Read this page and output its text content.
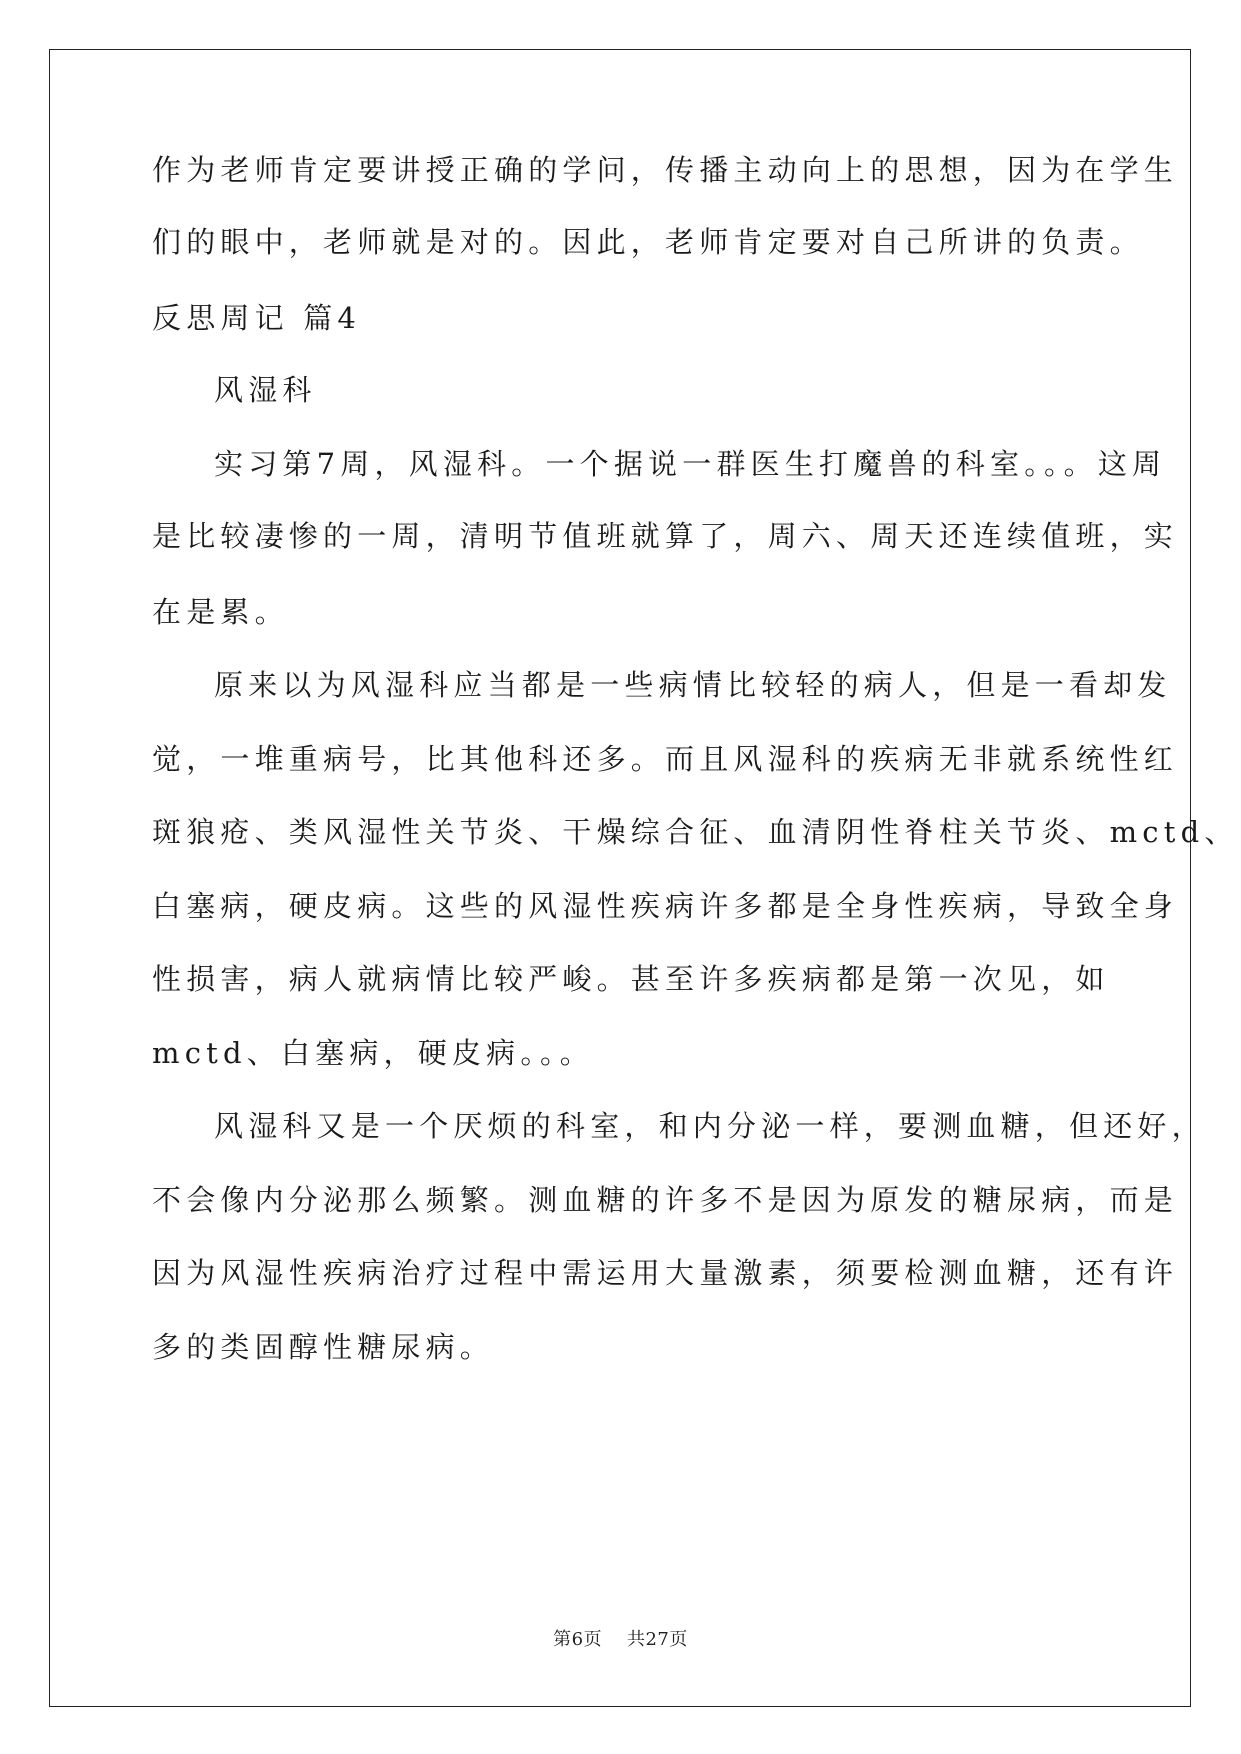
作为老师肯定要讲授正确的学问，传播主动向上的思想，因为在学生
们的眼中，老师就是对的。因此，老师肯定要对自己所讲的负责。
反思周记 篇4
风湿科
实习第7周，风湿科。一个据说一群医生打魔兽的科室。。。这周
是比较凄惨的一周，清明节值班就算了，周六、周天还连续值班，实
在是累。
原来以为风湿科应当都是一些病情比较轻的病人，但是一看却发
觉，一堆重病号，比其他科还多。而且风湿科的疾病无非就系统性红
斑狼疮、类风湿性关节炎、干燥综合征、血清阴性脊柱关节炎、mctd、
白塞病，硬皮病。这些的风湿性疾病许多都是全身性疾病，导致全身
性损害，病人就病情比较严峻。甚至许多疾病都是第一次见，如
mctd、白塞病，硬皮病。。。
风湿科又是一个厌烦的科室，和内分泌一样，要测血糖，但还好，
不会像内分泌那么频繁。测血糖的许多不是因为原发的糖尿病，而是
因为风湿性疾病治疗过程中需运用大量激素，须要检测血糖，还有许
多的类固醇性糖尿病。
第6页 共27页
